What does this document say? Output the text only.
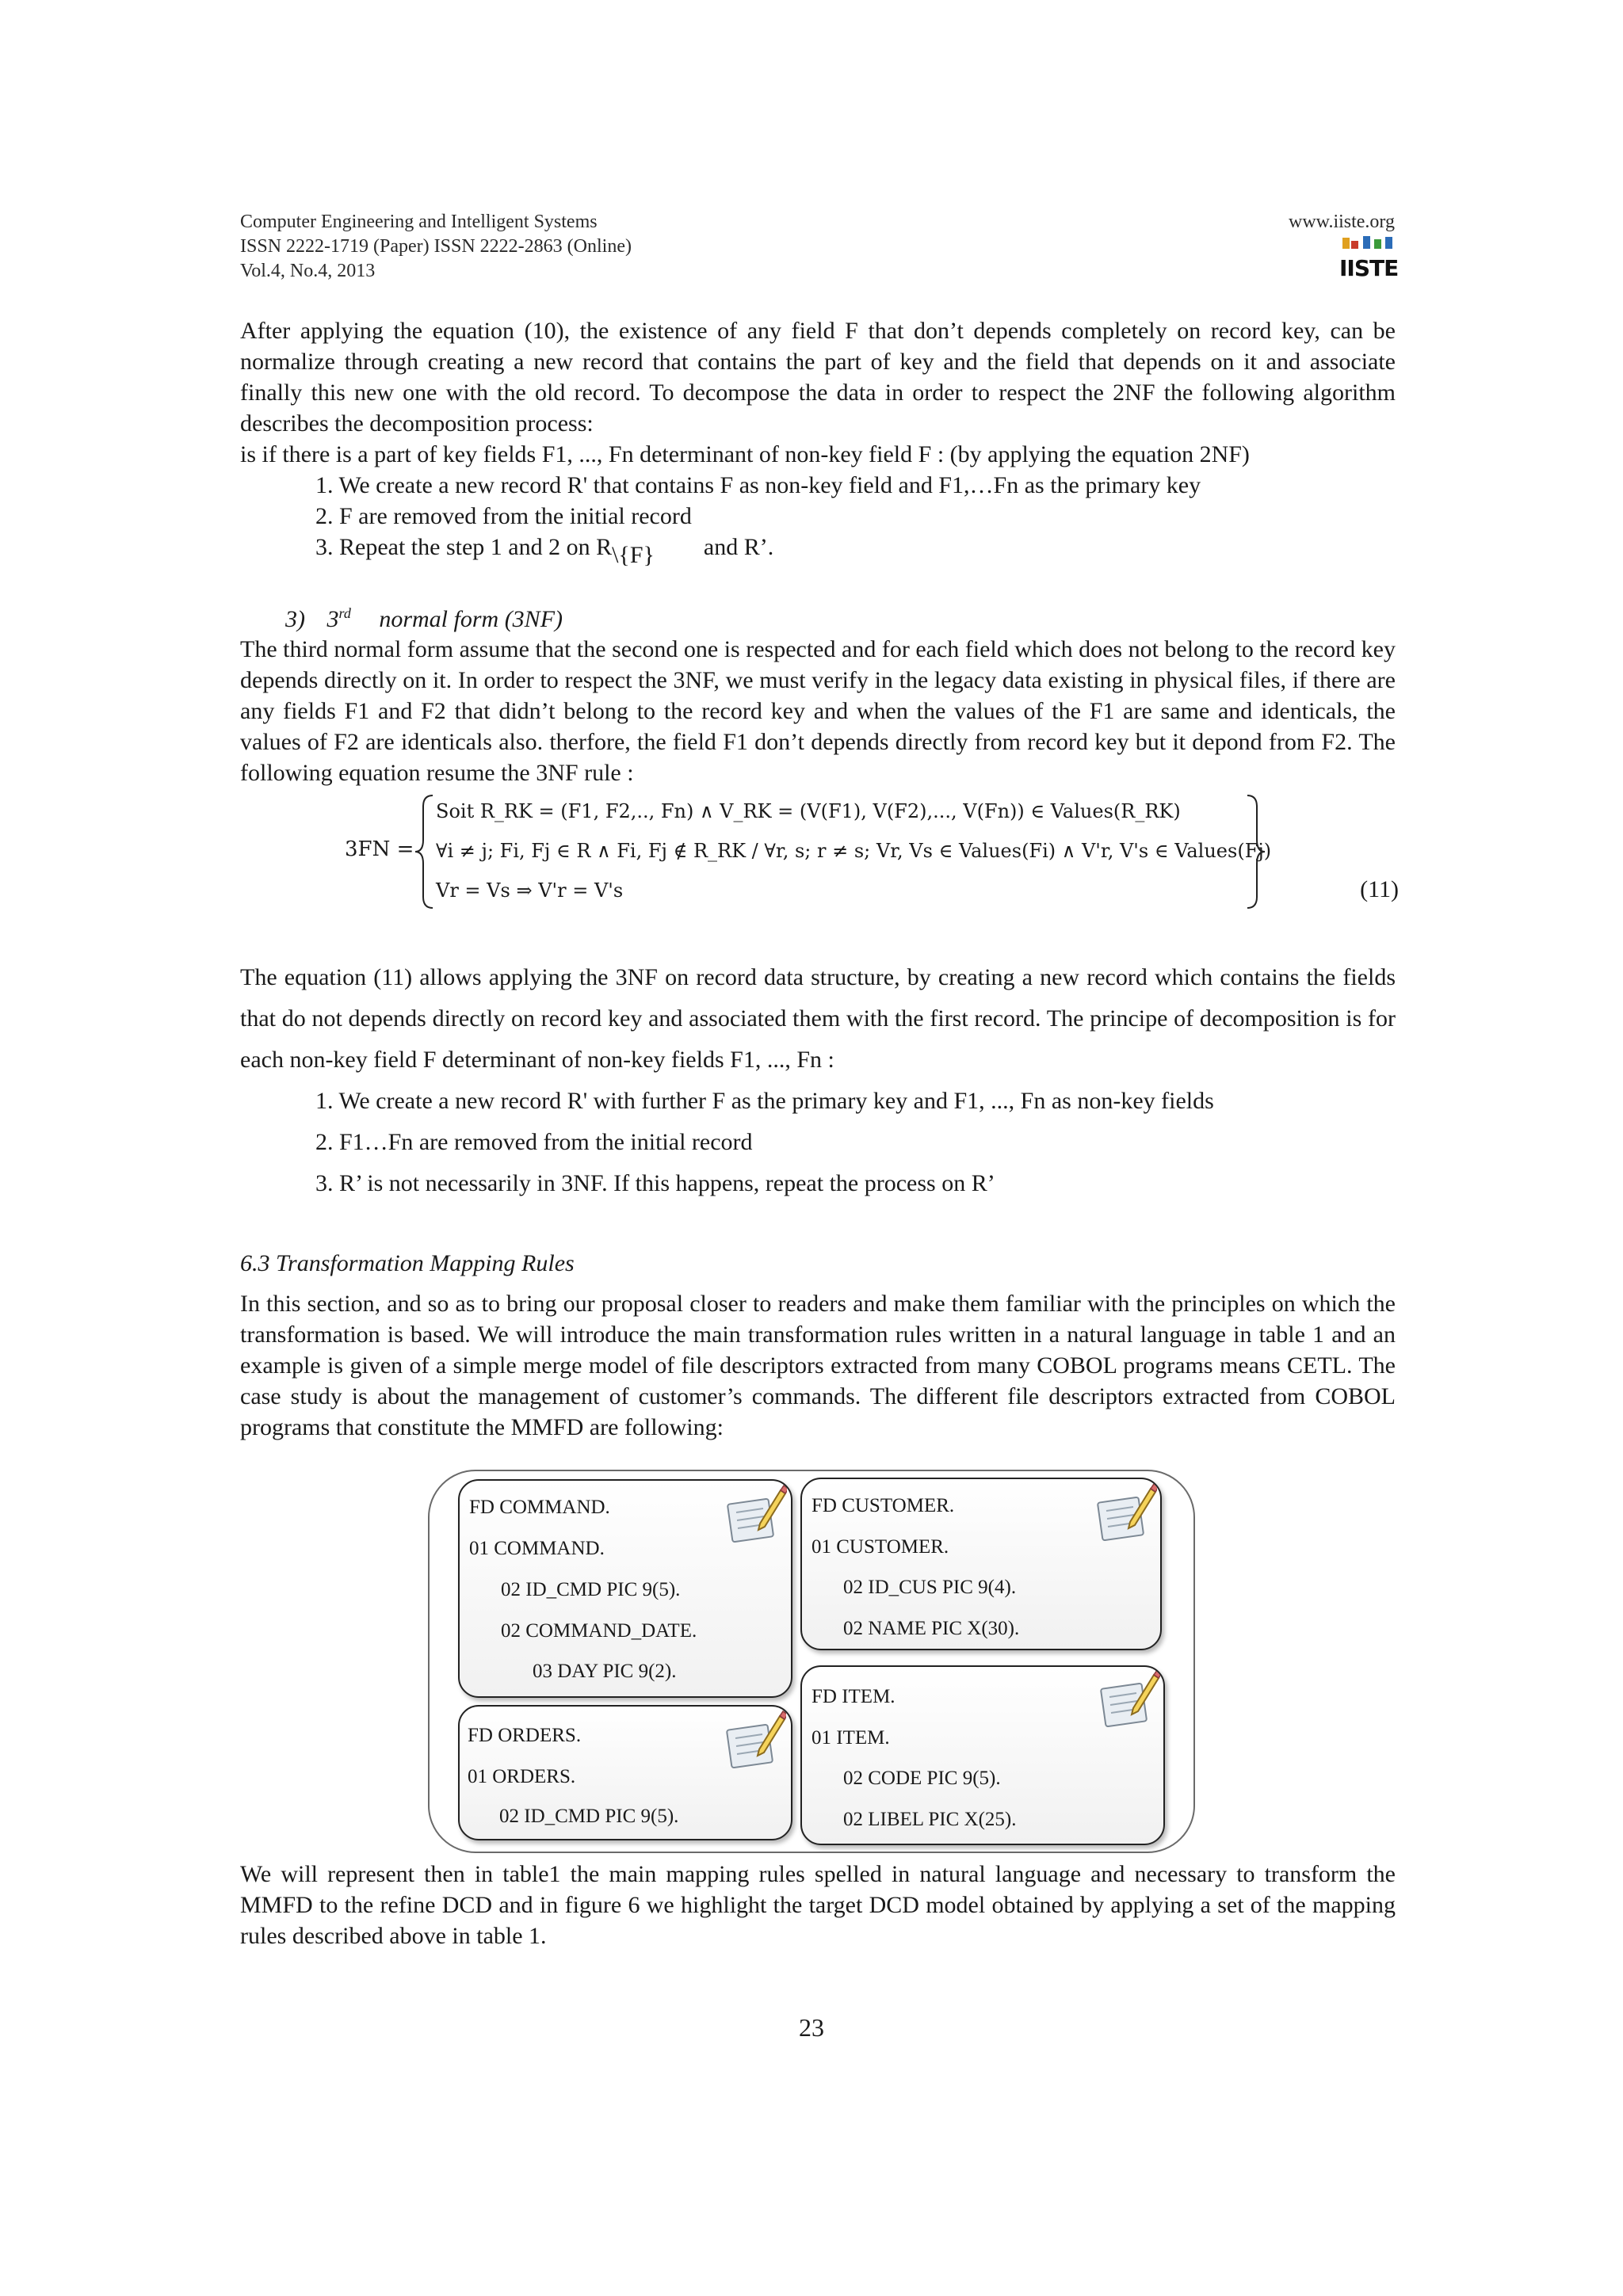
Computer Engineering and Intelligent Systems
ISSN 2222-1719 (Paper) ISSN 2222-2863 (Online)
Vol.4, No.4, 2013
www.iiste.org
IISTE
After applying the equation (10), the existence of any field F that don’t depends completely on record key, can be normalize through creating a new record that contains the part of key and the field that depends on it and associate finally this new one with the old record. To decompose the data in order to respect the 2NF the following algorithm describes the decomposition process:
is if there is a part of key fields F1, ..., Fn determinant of non-key field F : (by applying the equation 2NF)
1. We create a new record R' that contains F as non-key field and F1,…Fn as the primary key
2. F are removed from the initial record
3. Repeat the step 1 and 2 on R\{F} and R’.
3) 3rd normal form (3NF)
The third normal form assume that the second one is respected and for each field which does not belong to the record key depends directly on it. In order to respect the 3NF, we must verify in the legacy data existing in physical files, if there are any fields F1 and F2 that didn’t belong to the record key and when the values of the F1 are same and identicals, the values of F2 are identicals also. therfore, the field F1 don’t depends directly from record key but it depond from F2. The following equation resume the 3NF rule :
3FN =
Soit R_RK = (F1, F2,.., Fn) ∧ V_RK = (V(F1), V(F2),..., V(Fn)) ∈ Values(R_RK)
∀i ≠ j; Fi, Fj ∈ R ∧ Fi, Fj ∉ R_RK / ∀r, s; r ≠ s; Vr, Vs ∈ Values(Fi) ∧ V'r, V's ∈ Values(Fj)
Vr = Vs ⇒ V'r = V's	(11)
The equation (11) allows applying the 3NF on record data structure, by creating a new record which contains the fields that do not depends directly on record key and associated them with the first record. The principe of decomposition is for each non-key field F determinant of non-key fields F1, ..., Fn :
1. We create a new record R' with further F as the primary key and F1, ..., Fn as non-key fields
2. F1…Fn are removed from the initial record
3. R’ is not necessarily in 3NF. If this happens, repeat the process on R’
6.3 Transformation Mapping Rules
In this section, and so as to bring our proposal closer to readers and make them familiar with the principles on which the transformation is based. We will introduce the main transformation rules written in a natural language in table 1 and an example is given of a simple merge model of file descriptors extracted from many COBOL programs means CETL. The case study is about the management of customer’s commands. The different file descriptors extracted from COBOL programs that constitute the MMFD are following:
FD COMMAND.
01 COMMAND.
02 ID_CMD PIC 9(5).
02 COMMAND_DATE.
03 DAY PIC 9(2).
FD CUSTOMER.
01 CUSTOMER.
02 ID_CUS PIC 9(4).
02 NAME PIC X(30).
FD ORDERS.
01 ORDERS.
02 ID_CMD PIC 9(5).
FD ITEM.
01 ITEM.
02 CODE PIC 9(5).
02 LIBEL PIC X(25).
We will represent then in table1 the main mapping rules spelled in natural language and necessary to transform the MMFD to the refine DCD and in figure 6 we highlight the target DCD model obtained by applying a set of the mapping rules described above in table 1.
23
